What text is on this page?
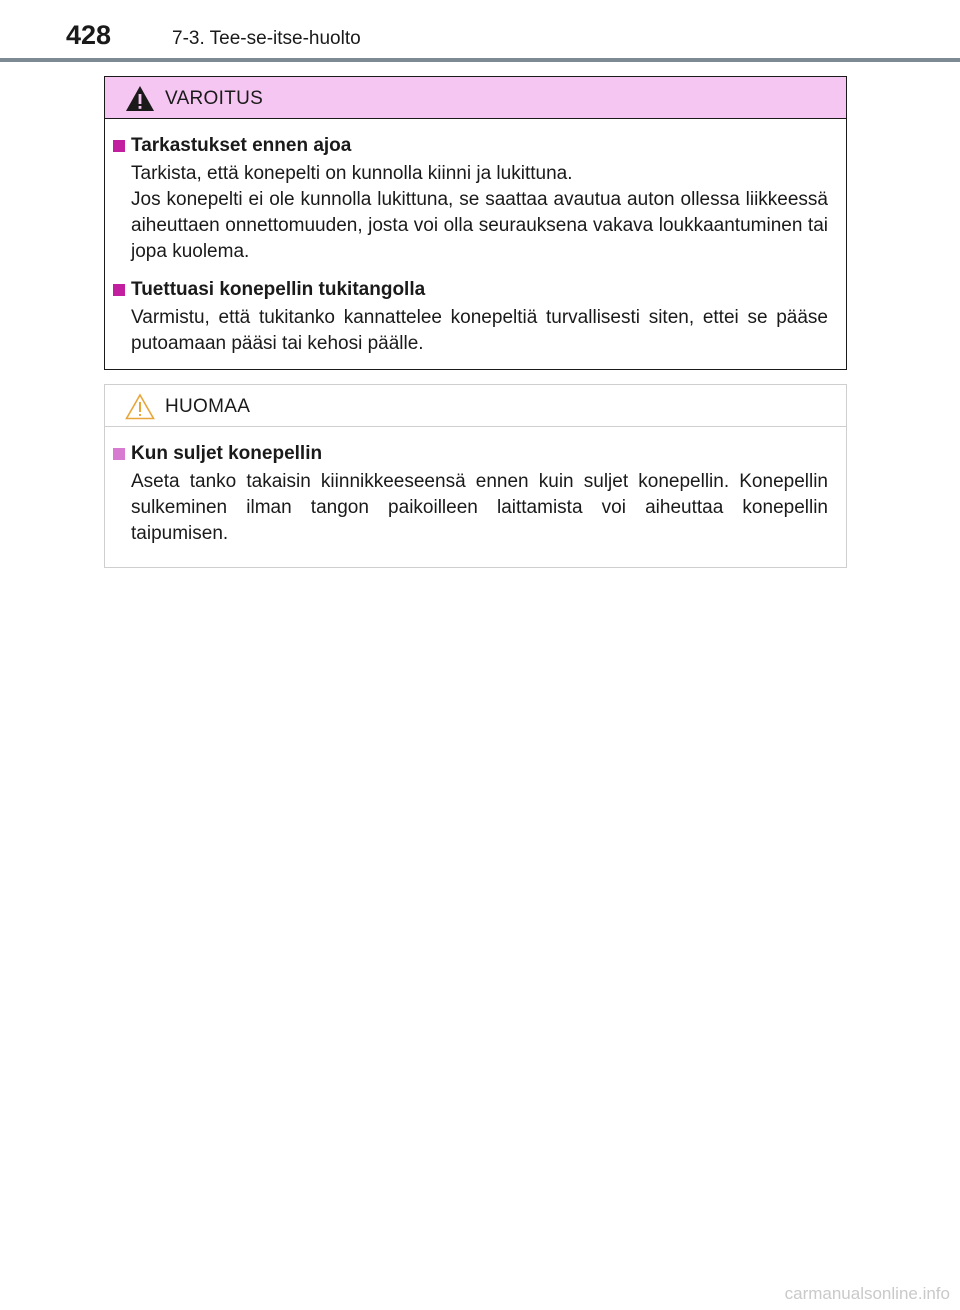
428	7-3. Tee-se-itse-huolto
VAROITUS
Tarkastukset ennen ajoa

Tarkista, että konepelti on kunnolla kiinni ja lukittuna.

Jos konepelti ei ole kunnolla lukittuna, se saattaa avautua auton ollessa liikkeessä aiheuttaen onnettomuuden, josta voi olla seurauksena vakava loukkaantuminen tai jopa kuolema.

Tuettuasi konepellin tukitangolla

Varmistu, että tukitanko kannattelee konepeltiä turvallisesti siten, ettei se pääse putoamaan pääsi tai kehosi päälle.

HUOMAA
Kun suljet konepellin

Aseta tanko takaisin kiinnikkeeseensä ennen kuin suljet konepellin. Konepellin sulkeminen ilman tangon paikoilleen laittamista voi aiheuttaa konepellin taipumisen.

carmanualsonline.info
